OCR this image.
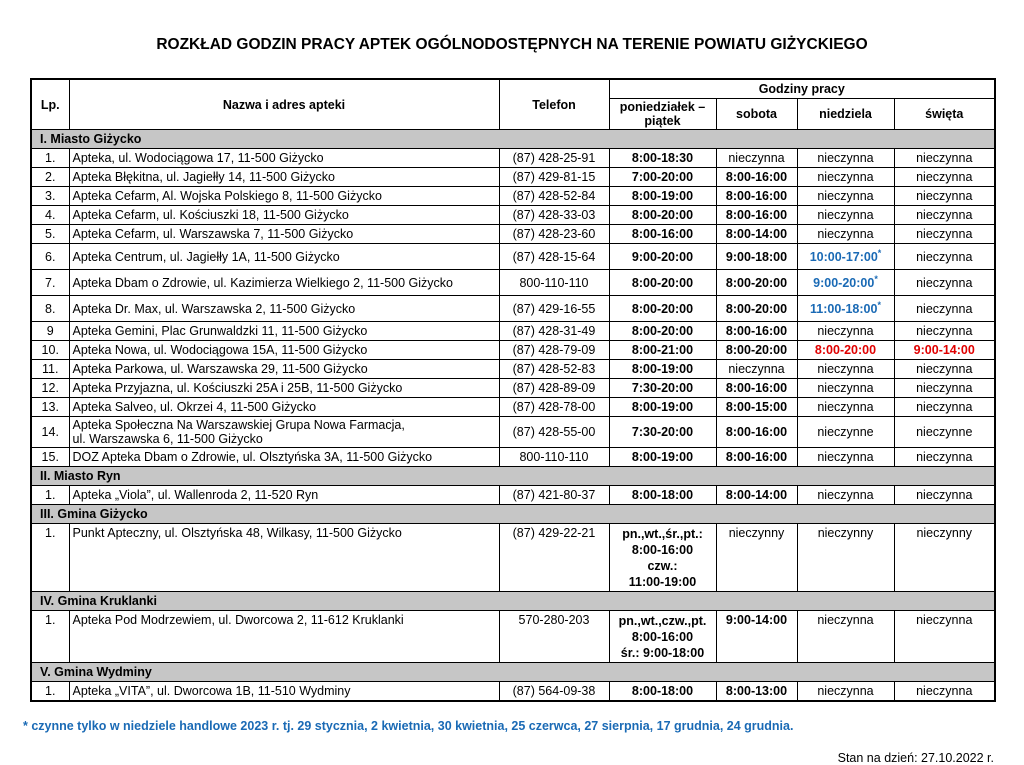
ROZKŁAD GODZIN PRACY APTEK OGÓLNODOSTĘPNYCH NA TERENIE POWIATU GIŻYCKIEGO
Lp.	Nazwa i adres apteki	Telefon	Godziny pracy			
			poniedziałek –
piątek	sobota	niedziela	święta
I. Miasto Giżycko						
1.	Apteka, ul. Wodociągowa 17, 11-500 Giżycko	(87) 428-25-91	8:00-18:30	nieczynna	nieczynna	nieczynna
2.	Apteka Błękitna, ul. Jagiełły 14, 11-500 Giżycko	(87) 429-81-15	7:00-20:00	8:00-16:00	nieczynna	nieczynna
3.	Apteka Cefarm, Al. Wojska Polskiego 8, 11-500 Giżycko	(87) 428-52-84	8:00-19:00	8:00-16:00	nieczynna	nieczynna
4.	Apteka Cefarm, ul. Kościuszki 18, 11-500 Giżycko	(87) 428-33-03	8:00-20:00	8:00-16:00	nieczynna	nieczynna
5.	Apteka Cefarm, ul. Warszawska 7, 11-500 Giżycko	(87) 428-23-60	8:00-16:00	8:00-14:00	nieczynna	nieczynna
6.	Apteka Centrum, ul. Jagiełły 1A, 11-500 Giżycko	(87) 428-15-64	9:00-20:00	9:00-18:00	10:00-17:00*	nieczynna
7.	Apteka Dbam o Zdrowie, ul. Kazimierza Wielkiego 2, 11-500 Giżycko	800-110-110	8:00-20:00	8:00-20:00	9:00-20:00*	nieczynna
8.	Apteka Dr. Max, ul. Warszawska 2, 11-500 Giżycko	(87) 429-16-55	8:00-20:00	8:00-20:00	11:00-18:00*	nieczynna
9	Apteka Gemini, Plac Grunwaldzki 11, 11-500 Giżycko	(87) 428-31-49	8:00-20:00	8:00-16:00	nieczynna	nieczynna
10.	Apteka Nowa, ul. Wodociągowa 15A, 11-500 Giżycko	(87) 428-79-09	8:00-21:00	8:00-20:00	8:00-20:00	9:00-14:00
11.	Apteka Parkowa, ul. Warszawska 29, 11-500 Giżycko	(87) 428-52-83	8:00-19:00	nieczynna	nieczynna	nieczynna
12.	Apteka Przyjazna, ul. Kościuszki 25A i 25B, 11-500 Giżycko	(87) 428-89-09	7:30-20:00	8:00-16:00	nieczynna	nieczynna
13.	Apteka Salveo, ul. Okrzei 4, 11-500 Giżycko	(87) 428-78-00	8:00-19:00	8:00-15:00	nieczynna	nieczynna
14.	Apteka Społeczna Na Warszawskiej Grupa Nowa Farmacja,
ul. Warszawska 6, 11-500 Giżycko	(87) 428-55-00	7:30-20:00	8:00-16:00	nieczynne	nieczynne
15.	DOZ Apteka Dbam o Zdrowie, ul. Olsztyńska 3A, 11-500 Giżycko	800-110-110	8:00-19:00	8:00-16:00	nieczynna	nieczynna
II. Miasto Ryn						
1.	Apteka „Viola”, ul. Wallenroda 2, 11-520 Ryn	(87) 421-80-37	8:00-18:00	8:00-14:00	nieczynna	nieczynna
III. Gmina Giżycko						
1.	Punkt Apteczny, ul. Olsztyńska 48, Wilkasy, 11-500 Giżycko	(87) 429-22-21	pn.,wt.,śr.,pt.:
8:00-16:00
czw.:
11:00-19:00	nieczynny	nieczynny	nieczynny
IV. Gmina Kruklanki						
1.	Apteka Pod Modrzewiem, ul. Dworcowa 2, 11-612 Kruklanki	570-280-203	pn.,wt.,czw.,pt.
8:00-16:00
śr.: 9:00-18:00	9:00-14:00	nieczynna	nieczynna
V. Gmina Wydminy						
1.	Apteka „VITA”, ul. Dworcowa 1B, 11-510 Wydminy	(87) 564-09-38	8:00-18:00	8:00-13:00	nieczynna	nieczynna

* czynne tylko w niedziele handlowe 2023 r. tj. 29 stycznia, 2 kwietnia, 30 kwietnia, 25 czerwca, 27 sierpnia, 17 grudnia, 24 grudnia.

Stan na dzień: 27.10.2022 r.
